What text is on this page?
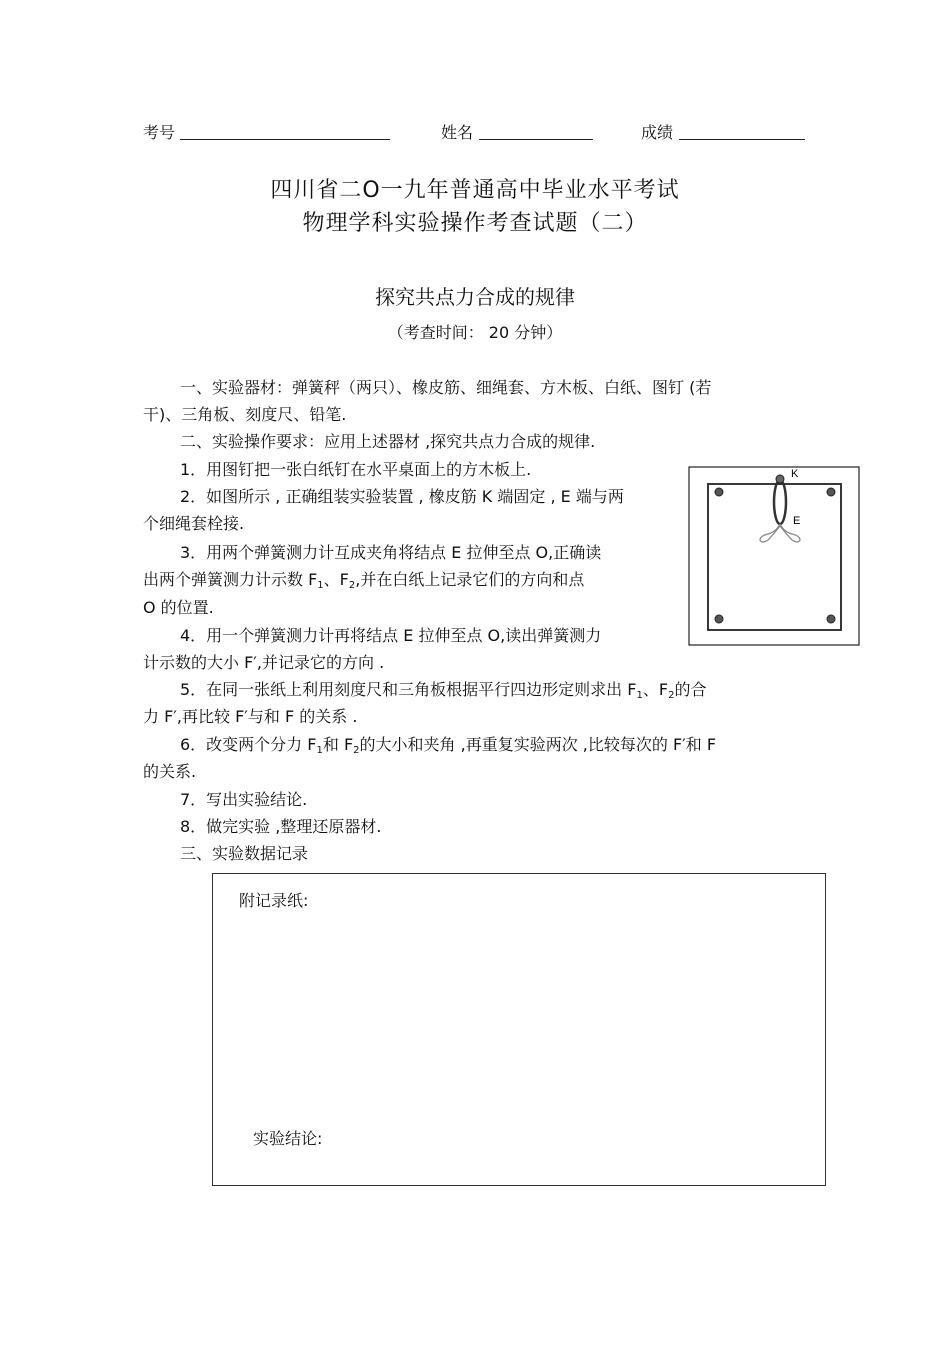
考号	姓名	成绩
四川省二O一九年普通高中毕业水平考试
物理学科实验操作考查试题（二）
探究共点力合成的规律
（考查时间： 20 分钟）
一、实验器材：弹簧秤（两只）、橡皮筋、细绳套、方木板、白纸、图钉 (若
干)、三角板、刻度尺、铅笔.
二、实验操作要求：应用上述器材 ,探究共点力合成的规律.
1．用图钉把一张白纸钉在水平桌面上的方木板上.
2．如图所示 , 正确组装实验装置 , 橡皮筋 K 端固定 , E 端与两
个细绳套栓接.
3．用两个弹簧测力计互成夹角将结点 E 拉伸至点 O,正确读
出两个弹簧测力计示数 F1、F2,并在白纸上记录它们的方向和点
O 的位置.
4．用一个弹簧测力计再将结点 E 拉伸至点 O,读出弹簧测力
计示数的大小 F′,并记录它的方向 .
5．在同一张纸上利用刻度尺和三角板根据平行四边形定则求出 F1、F2的合
力 F′,再比较 F′与和 F 的关系 .
6．改变两个分力 F1和 F2的大小和夹角 ,再重复实验两次 ,比较每次的 F′和 F
的关系.
7．写出实验结论.
8．做完实验 ,整理还原器材.
三、实验数据记录
K
E
附记录纸:
实验结论:
